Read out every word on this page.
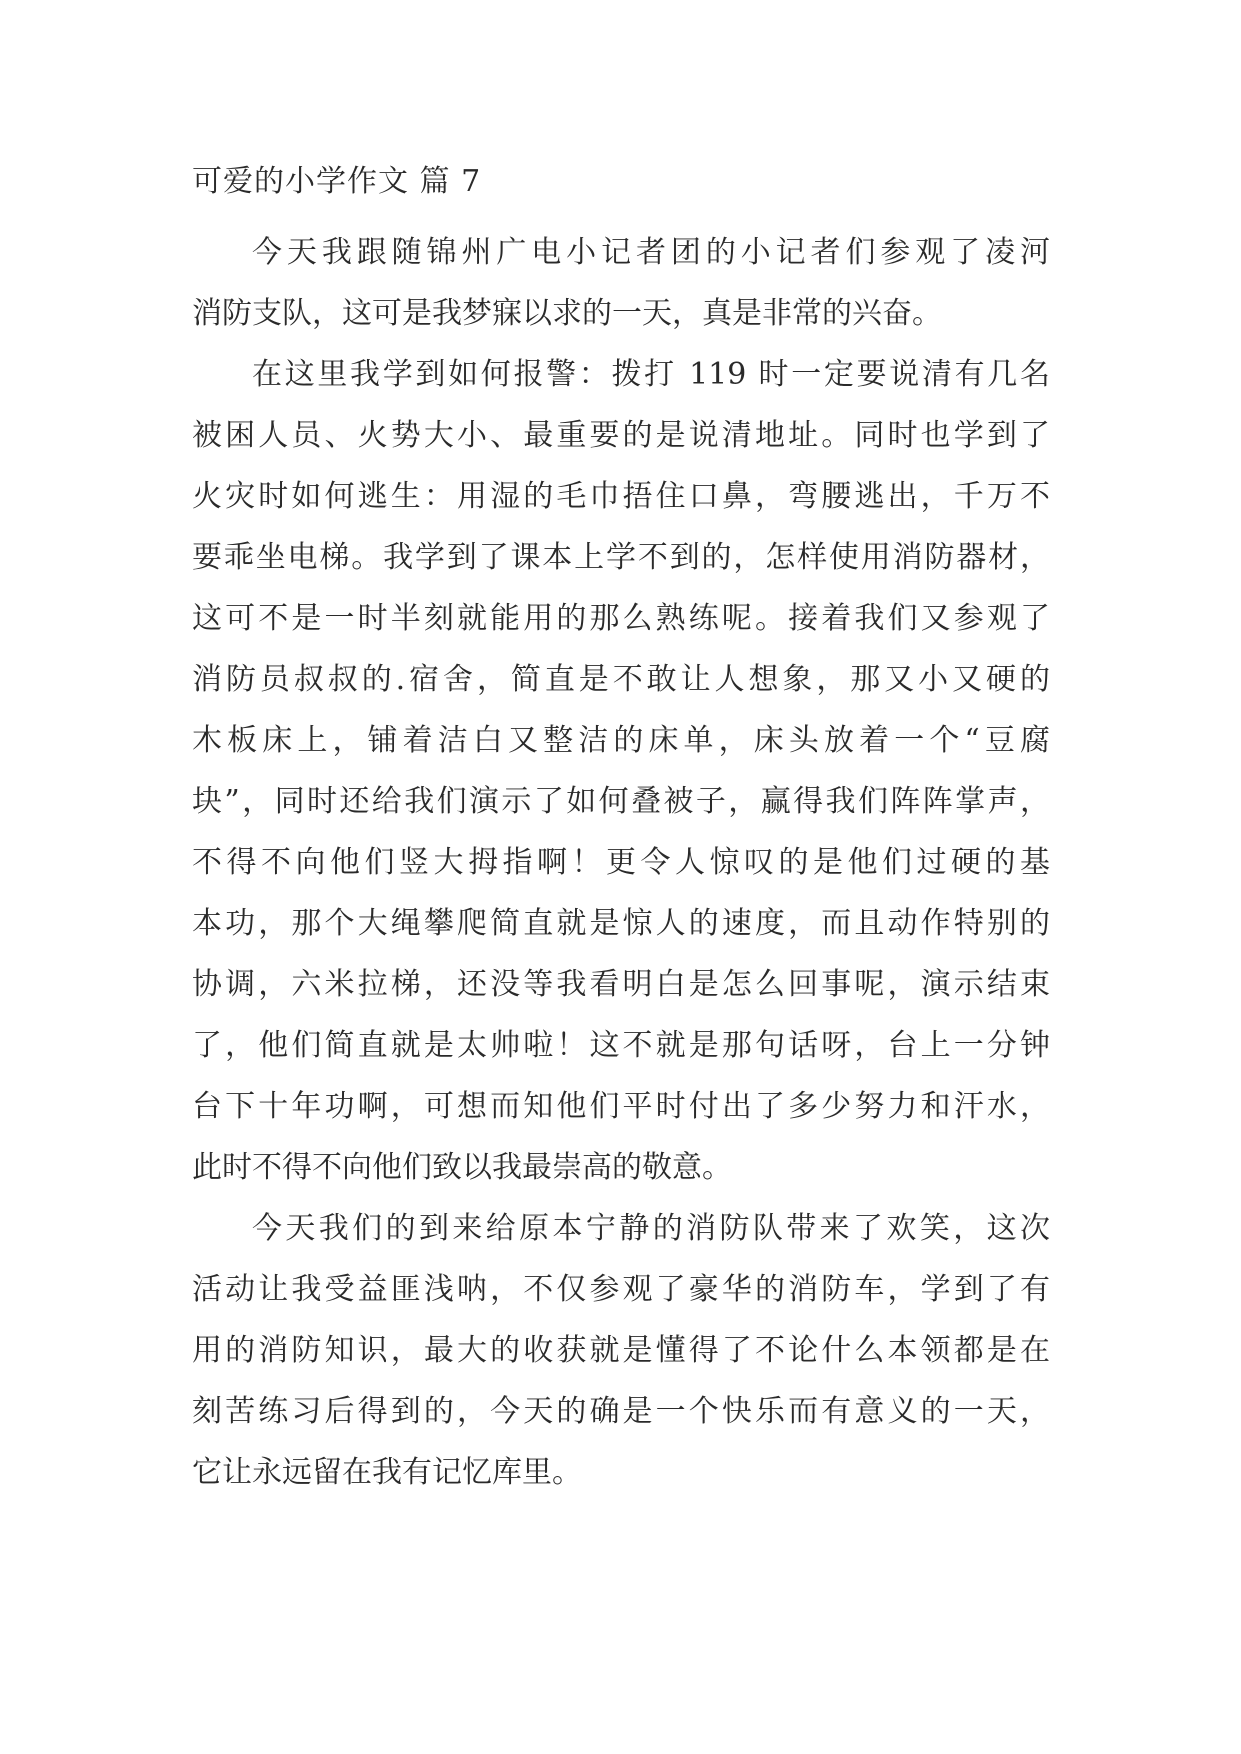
可爱的小学作文 篇 7
今天我跟随锦州广电小记者团的小记者们参观了凌河
消防支队，这可是我梦寐以求的一天，真是非常的兴奋。
在这里我学到如何报警：拨打 119 时一定要说清有几名
被困人员、火势大小、最重要的是说清地址。同时也学到了
火灾时如何逃生：用湿的毛巾捂住口鼻，弯腰逃出，千万不
要乖坐电梯。我学到了课本上学不到的，怎样使用消防器材，
这可不是一时半刻就能用的那么熟练呢。接着我们又参观了
消防员叔叔的.宿舍，简直是不敢让人想象，那又小又硬的
木板床上，铺着洁白又整洁的床单，床头放着一个“豆腐
块”，同时还给我们演示了如何叠被子，赢得我们阵阵掌声，
不得不向他们竖大拇指啊！更令人惊叹的是他们过硬的基
本功，那个大绳攀爬简直就是惊人的速度，而且动作特别的
协调，六米拉梯，还没等我看明白是怎么回事呢，演示结束
了，他们简直就是太帅啦！这不就是那句话呀，台上一分钟
台下十年功啊，可想而知他们平时付出了多少努力和汗水，
此时不得不向他们致以我最崇高的敬意。
今天我们的到来给原本宁静的消防队带来了欢笑，这次
活动让我受益匪浅呐，不仅参观了豪华的消防车，学到了有
用的消防知识，最大的收获就是懂得了不论什么本领都是在
刻苦练习后得到的，今天的确是一个快乐而有意义的一天，
它让永远留在我有记忆库里。
